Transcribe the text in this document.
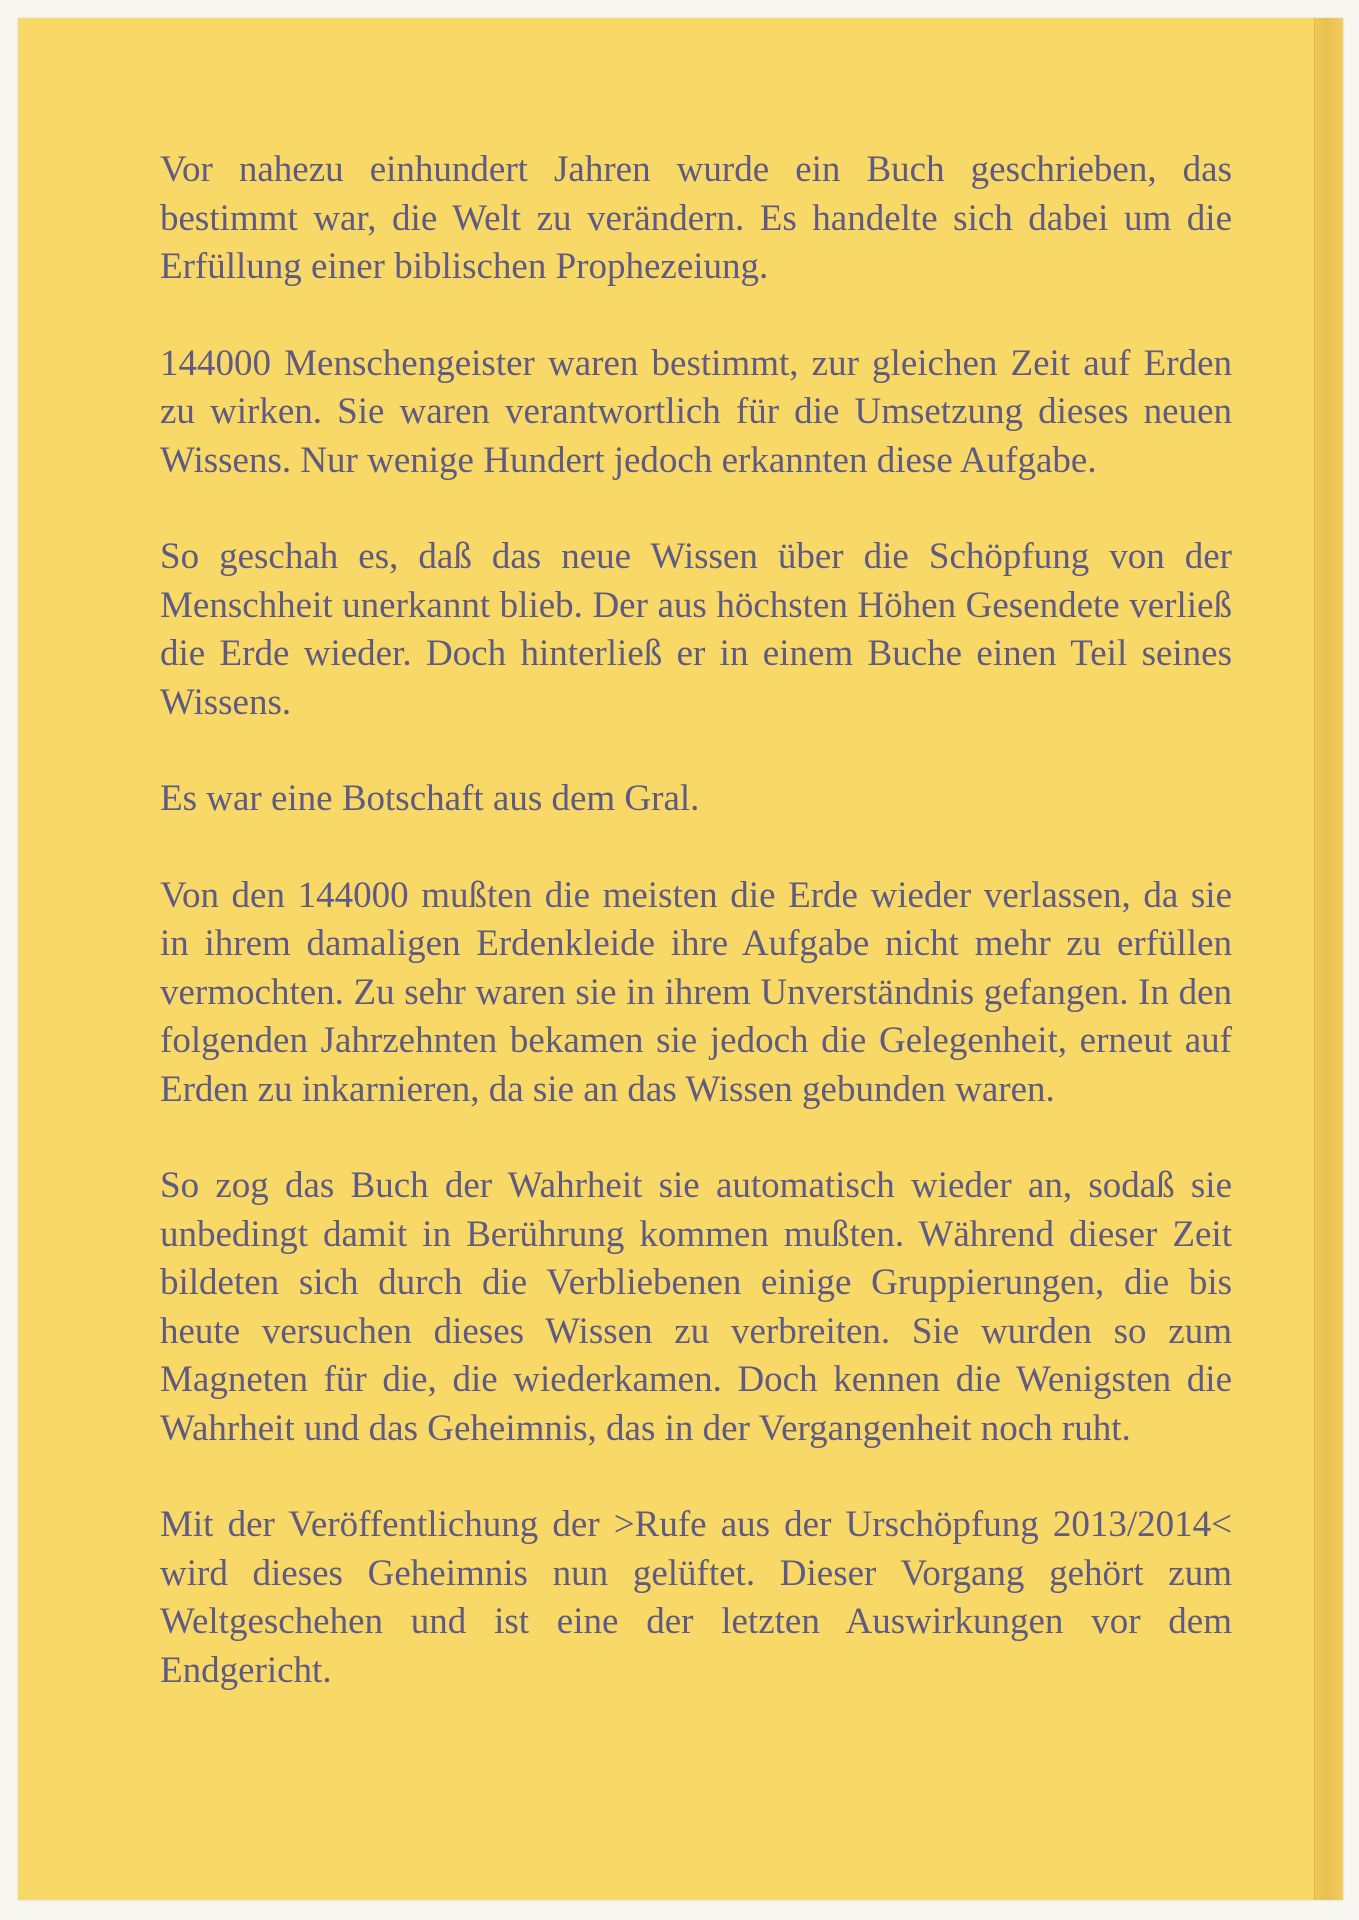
Vor nahezu einhundert Jahren wurde ein Buch geschrieben, das bestimmt war, die Welt zu verändern. Es handelte sich dabei um die Erfüllung einer biblischen Prophezeiung.

144000 Menschengeister waren bestimmt, zur gleichen Zeit auf Erden zu wirken. Sie waren verantwortlich für die Umsetzung dieses neuen Wissens. Nur wenige Hundert jedoch erkannten diese Aufgabe.

So geschah es, daß das neue Wissen über die Schöpfung von der Menschheit unerkannt blieb. Der aus höchsten Höhen Gesendete verließ die Erde wieder. Doch hinterließ er in einem Buche einen Teil seines Wissens.

Es war eine Botschaft aus dem Gral.

Von den 144000 mußten die meisten die Erde wieder verlassen, da sie in ihrem damaligen Erdenkleide ihre Aufgabe nicht mehr zu erfüllen vermochten. Zu sehr waren sie in ihrem Unverständnis gefangen. In den folgenden Jahrzehnten bekamen sie jedoch die Gelegenheit, erneut auf Erden zu inkarnieren, da sie an das Wissen gebunden waren.

So zog das Buch der Wahrheit sie automatisch wieder an, sodaß sie unbedingt damit in Berührung kommen mußten. Während dieser Zeit bildeten sich durch die Verbliebenen einige Gruppierungen, die bis heute versuchen dieses Wissen zu verbreiten. Sie wurden so zum Magneten für die, die wiederkamen. Doch kennen die Wenigsten die Wahrheit und das Geheimnis, das in der Vergangenheit noch ruht.

Mit der Veröffentlichung der >Rufe aus der Urschöpfung 2013/2014< wird dieses Geheimnis nun gelüftet. Dieser Vorgang gehört zum Weltgeschehen und ist eine der letzten Auswirkungen vor dem Endgericht.
